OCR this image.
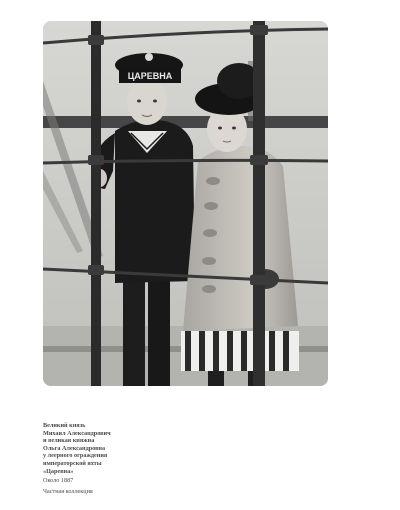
ЦАРЕВНА

Великий князь
Михаил Александрович
и великая княжна
Ольга Александровна
у леерного ограждения
императорской яхты
«Царевна»

Около 1887
Частная коллекция
